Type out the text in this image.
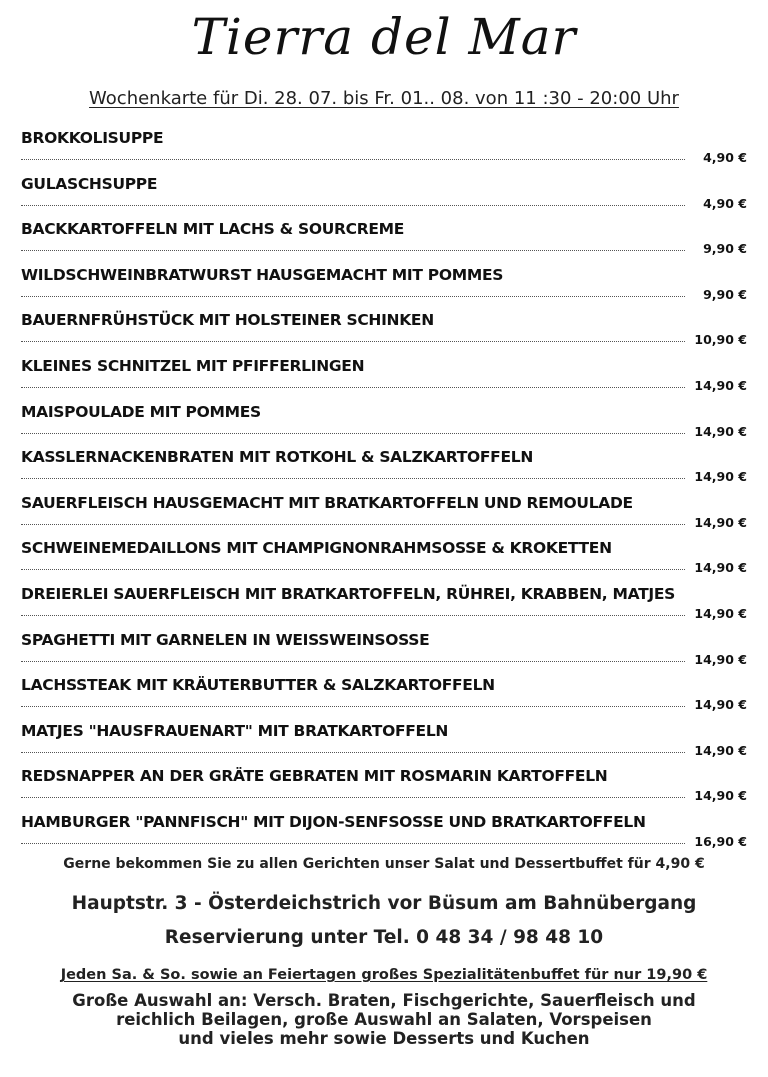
Tierra del Mar
Wochenkarte für Di. 28. 07. bis Fr. 01.. 08. von 11 :30 - 20:00 Uhr
BROKKOLISUPPE
4,90 €
GULASCHSUPPE
4,90 €
BACKKARTOFFELN MIT LACHS & SOURCREME
9,90 €
WILDSCHWEINBRATWURST HAUSGEMACHT MIT POMMES
9,90 €
BAUERNFRÜHSTÜCK MIT HOLSTEINER SCHINKEN
10,90 €
KLEINES SCHNITZEL MIT PFIFFERLINGEN
14,90 €
MAISPOULADE MIT POMMES
14,90 €
KASSLERNACKENBRATEN MIT ROTKOHL & SALZKARTOFFELN
14,90 €
SAUERFLEISCH HAUSGEMACHT MIT BRATKARTOFFELN UND REMOULADE
14,90 €
SCHWEINEMEDAILLONS MIT CHAMPIGNONRAHMSOSSE & KROKETTEN
14,90 €
DREIERLEI SAUERFLEISCH MIT BRATKARTOFFELN, RÜHREI, KRABBEN, MATJES
14,90 €
SPAGHETTI MIT GARNELEN IN WEISSWEINSOSSE
14,90 €
LACHSSTEAK MIT KRÄUTERBUTTER & SALZKARTOFFELN
14,90 €
MATJES "HAUSFRAUENART" MIT BRATKARTOFFELN
14,90 €
REDSNAPPER AN DER GRÄTE GEBRATEN MIT ROSMARIN KARTOFFELN
14,90 €
HAMBURGER "PANNFISCH" MIT DIJON-SENFSOSSE UND BRATKARTOFFELN
16,90 €
Gerne bekommen Sie zu allen Gerichten unser Salat und Dessertbuffet für 4,90 €
Hauptstr. 3 - Österdeichstrich vor Büsum am Bahnübergang
Reservierung unter Tel. 0 48 34 / 98 48 10
Jeden Sa. & So. sowie an Feiertagen großes Spezialitätenbuffet für nur 19,90 €
Große Auswahl an: Versch. Braten, Fischgerichte, Sauerfleisch und
reichlich Beilagen, große Auswahl an Salaten, Vorspeisen
und vieles mehr sowie Desserts und Kuchen
